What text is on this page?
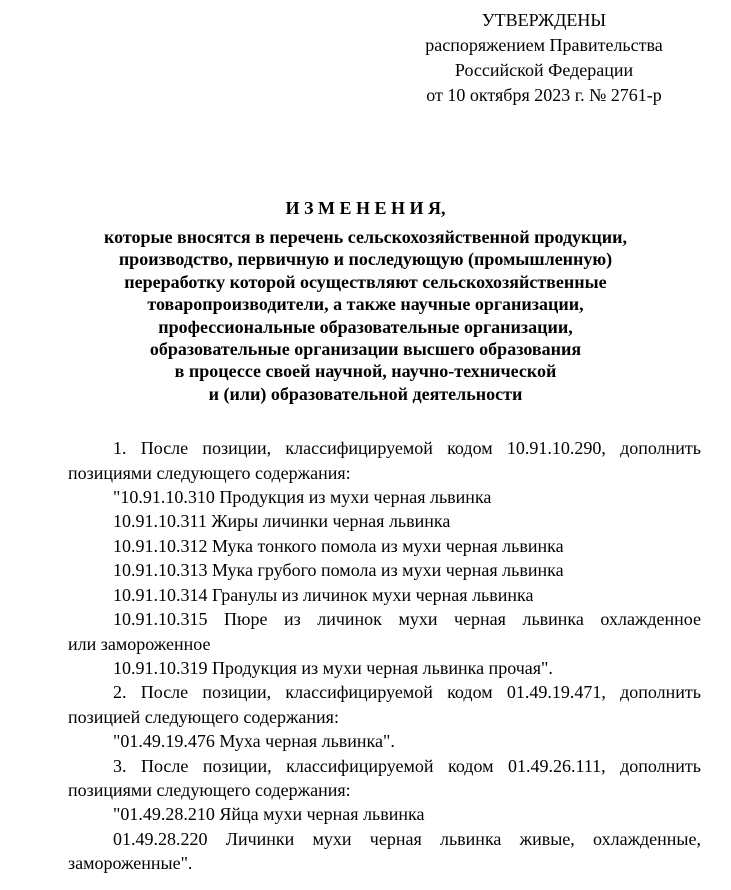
УТВЕРЖДЕНЫ
распоряжением Правительства
Российской Федерации
от 10 октября 2023 г. № 2761-р
И З М Е Н Е Н И Я,
которые вносятся в перечень сельскохозяйственной продукции,
производство, первичную и последующую (промышленную)
переработку которой осуществляют сельскохозяйственные
товаропроизводители, а также научные организации,
профессиональные образовательные организации,
образовательные организации высшего образования
в процессе своей научной, научно-технической
и (или) образовательной деятельности
1. После позиции, классифицируемой кодом 10.91.10.290, дополнить
позициями следующего содержания:
"10.91.10.310 Продукция из мухи черная львинка
10.91.10.311 Жиры личинки черная львинка
10.91.10.312 Мука тонкого помола из мухи черная львинка
10.91.10.313 Мука грубого помола из мухи черная львинка
10.91.10.314 Гранулы из личинок мухи черная львинка
10.91.10.315 Пюре из личинок мухи черная львинка охлажденное
или замороженное
10.91.10.319 Продукция из мухи черная львинка прочая".
2. После позиции, классифицируемой кодом 01.49.19.471, дополнить
позицией следующего содержания:
"01.49.19.476 Муха черная львинка".
3. После позиции, классифицируемой кодом 01.49.26.111, дополнить
позициями следующего содержания:
"01.49.28.210 Яйца мухи черная львинка
01.49.28.220 Личинки мухи черная львинка живые, охлажденные,
замороженные".
